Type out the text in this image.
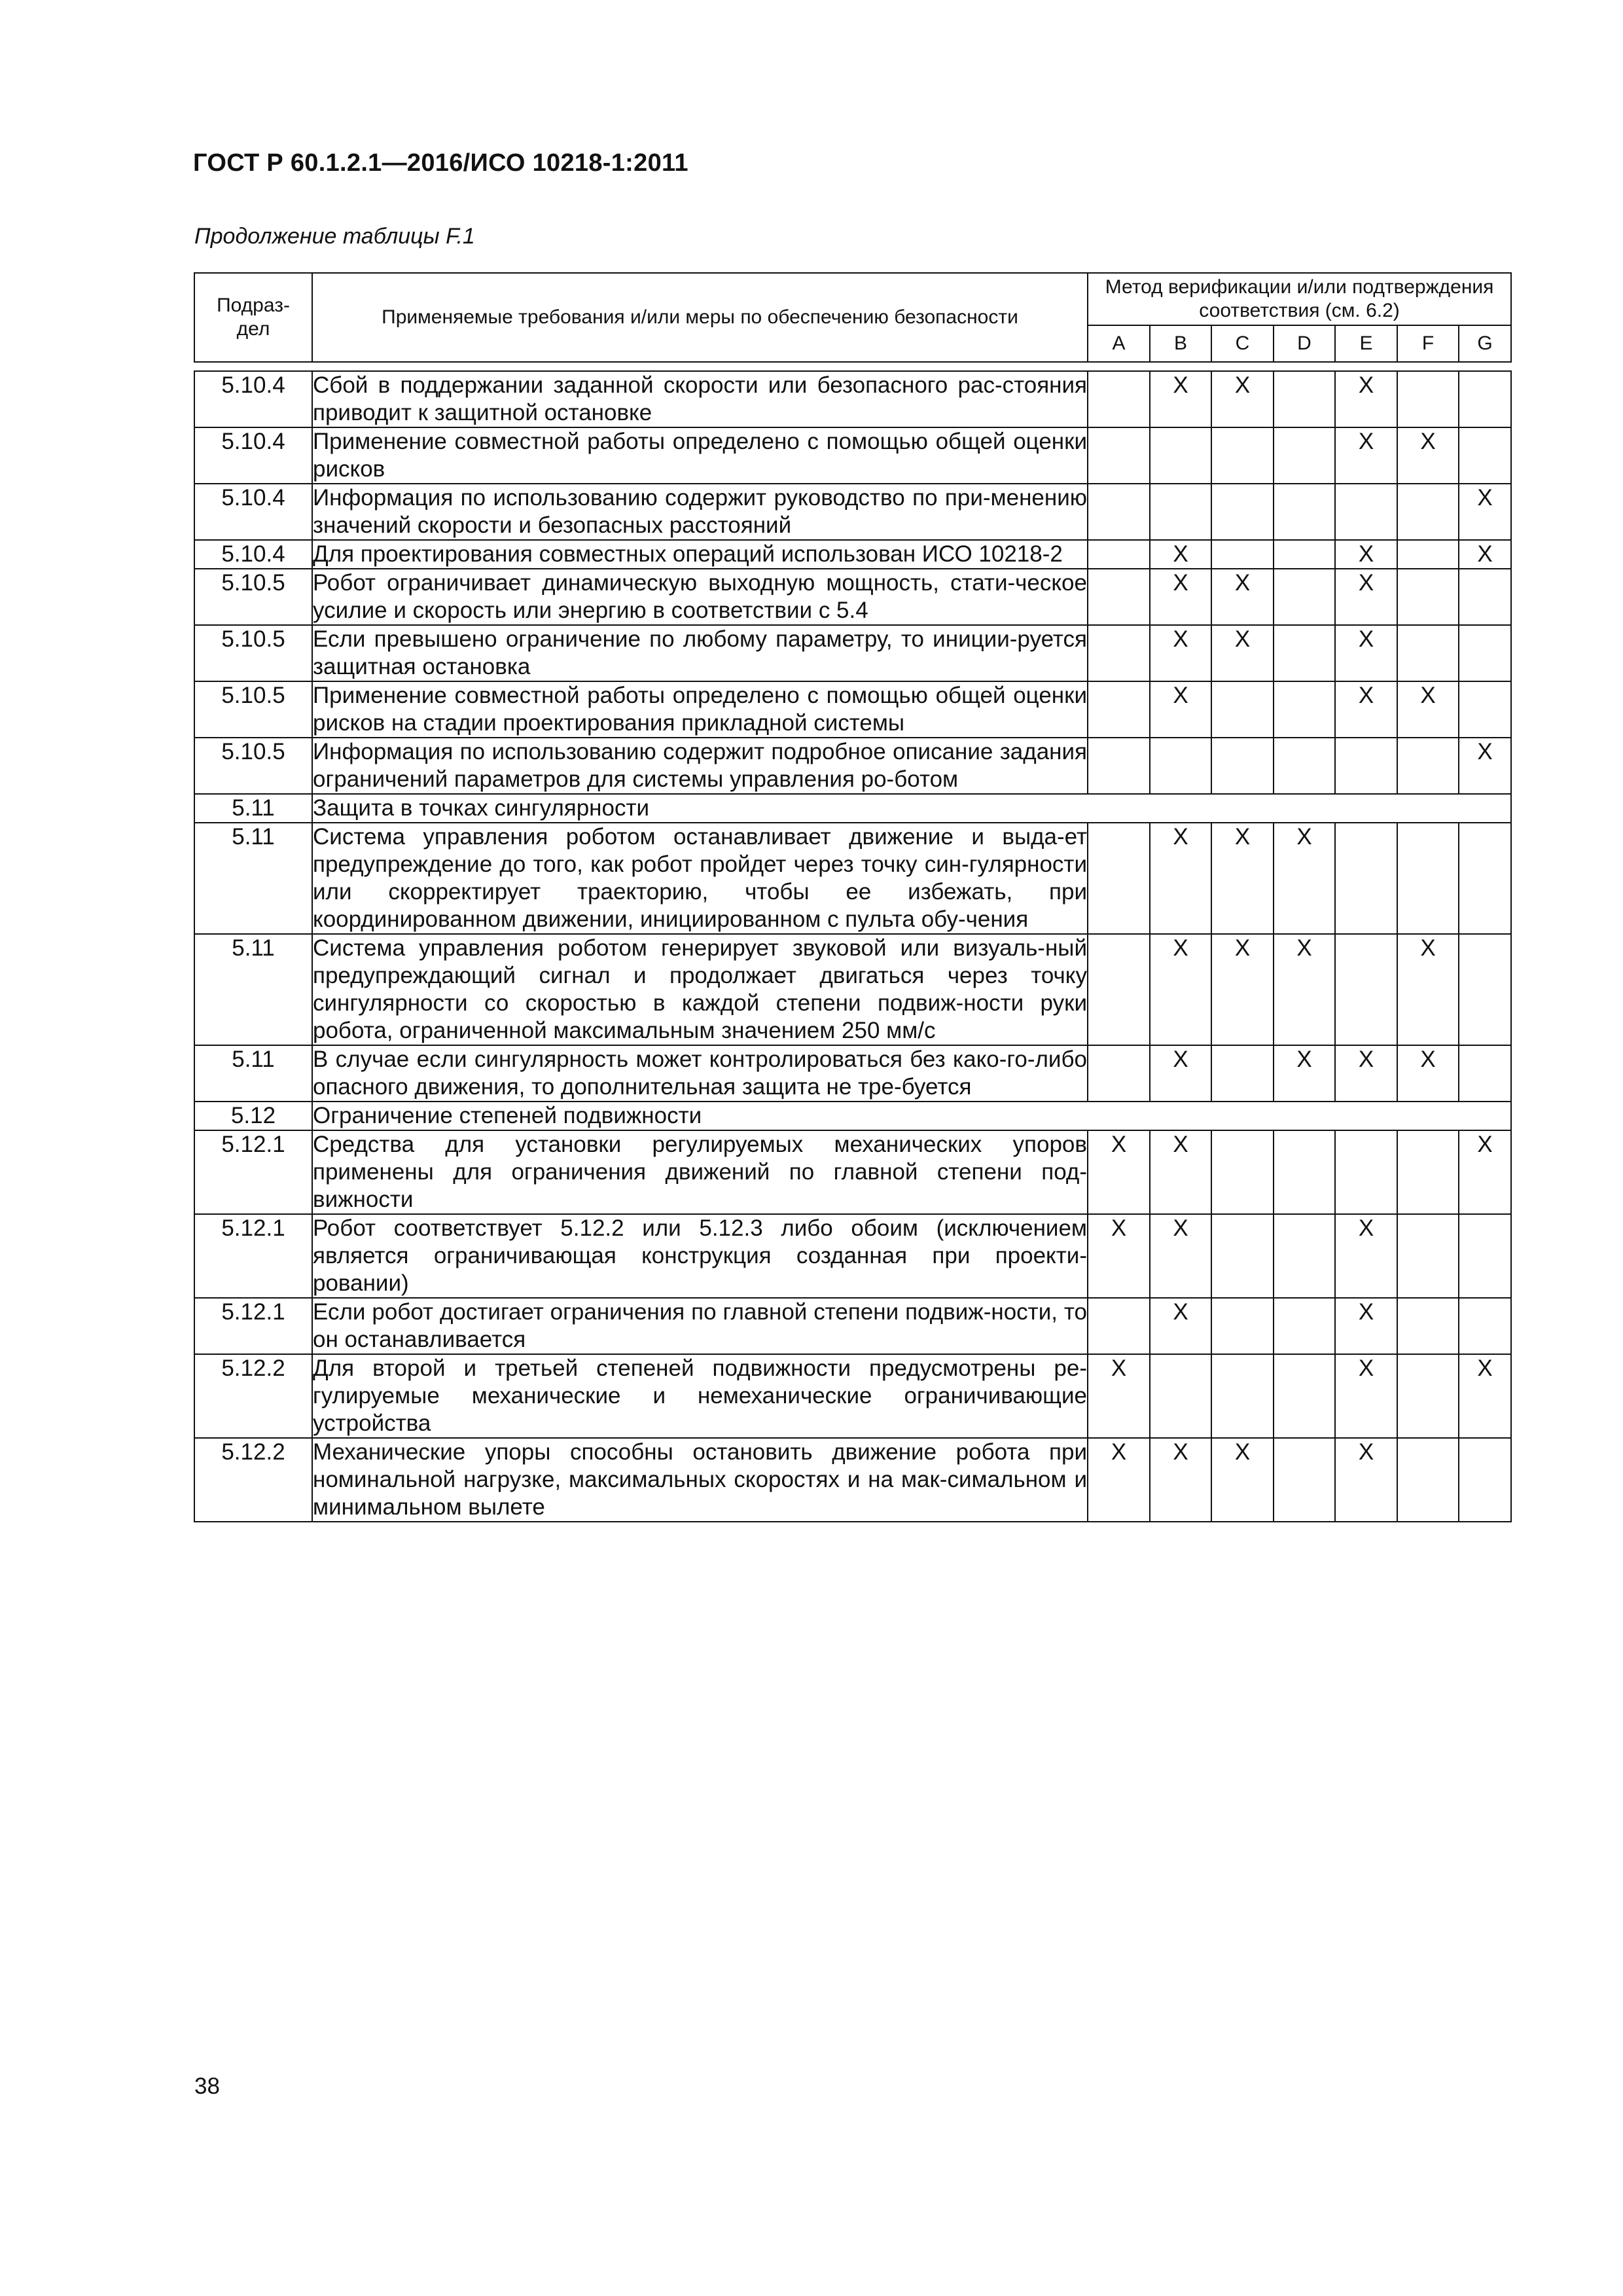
ГОСТ Р 60.1.2.1—2016/ИСО 10218-1:2011
Продолжение таблицы F.1
Подраз-
дел	Применяемые требования и/или меры по обеспечению безопасности	Метод верификации и/или подтверждения соответствия (см. 6.2)						
		A	B	C	D	E	F	G

5.10.4	Сбой в поддержании заданной скорости или безопасного рас-стояния приводит к защитной остановке		X	X		X		
5.10.4	Применение совместной работы определено с помощью общей оценки рисков					X	X	
5.10.4	Информация по использованию содержит руководство по при-менению значений скорости и безопасных расстояний							X
5.10.4	Для проектирования совместных операций использован ИСО 10218-2		X			X		X
5.10.5	Робот ограничивает динамическую выходную мощность, стати-ческое усилие и скорость или энергию в соответствии с 5.4		X	X		X		
5.10.5	Если превышено ограничение по любому параметру, то иниции-руется защитная остановка		X	X		X		
5.10.5	Применение совместной работы определено с помощью общей оценки рисков на стадии проектирования прикладной системы		X			X	X	
5.10.5	Информация по использованию содержит подробное описание задания ограничений параметров для системы управления ро-ботом							X
5.11	Защита в точках сингулярности							
5.11	Система управления роботом останавливает движение и выда-ет предупреждение до того, как робот пройдет через точку син-гулярности или скорректирует траекторию, чтобы ее избежать, при координированном движении, инициированном с пульта обу-чения		X	X	X			
5.11	Система управления роботом генерирует звуковой или визуаль-ный предупреждающий сигнал и продолжает двигаться через точку сингулярности со скоростью в каждой степени подвиж-ности руки робота, ограниченной максимальным значением 250 мм/с		X	X	X		X	
5.11	В случае если сингулярность может контролироваться без како-го-либо опасного движения, то дополнительная защита не тре-буется		X		X	X	X	
5.12	Ограничение степеней подвижности							
5.12.1	Средства для установки регулируемых механических упоров применены для ограничения движений по главной степени под-вижности	X	X					X
5.12.1	Робот соответствует 5.12.2 или 5.12.3 либо обоим (исключением является ограничивающая конструкция созданная при проекти-ровании)	X	X			X		
5.12.1	Если робот достигает ограничения по главной степени подвиж-ности, то он останавливается		X			X		
5.12.2	Для второй и третьей степеней подвижности предусмотрены ре-гулируемые механические и немеханические ограничивающие устройства	X				X		X
5.12.2	Механические упоры способны остановить движение робота при номинальной нагрузке, максимальных скоростях и на мак-симальном и минимальном вылете	X	X	X		X		
38
